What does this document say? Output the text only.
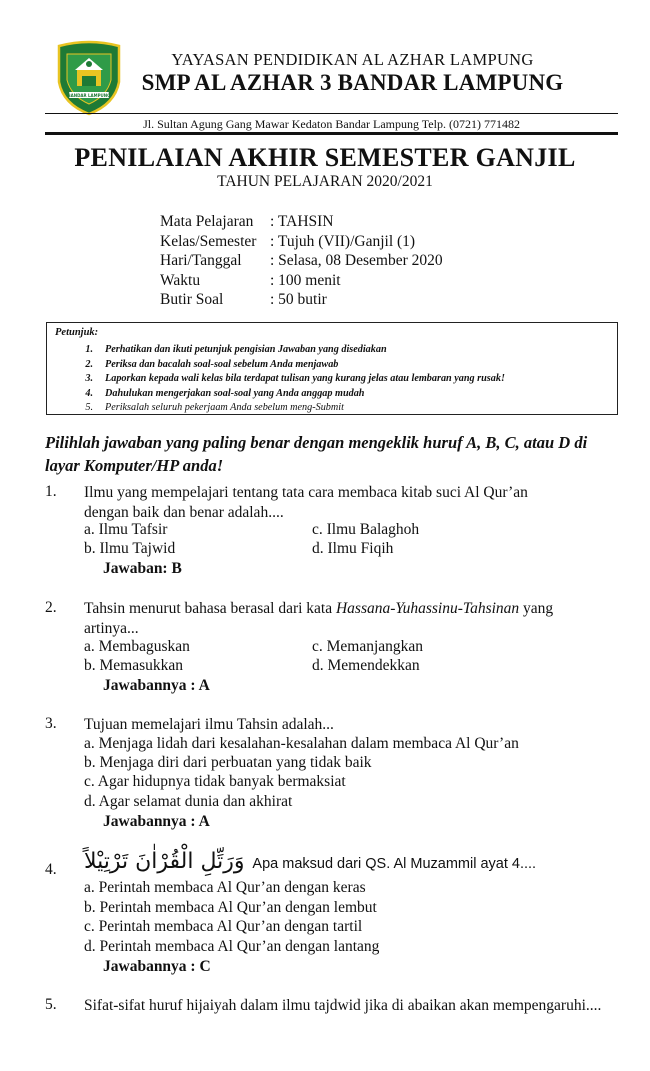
BANDAR LAMPUNG
YAYASAN PENDIDIKAN AL AZHAR LAMPUNG
SMP AL AZHAR 3 BANDAR LAMPUNG
Jl. Sultan Agung Gang Mawar Kedaton Bandar Lampung Telp. (0721) 771482
PENILAIAN AKHIR SEMESTER GANJIL
TAHUN PELAJARAN 2020/2021
Mata Pelajaran	: TAHSIN
Kelas/Semester : Tujuh (VII)/Ganjil (1)
Hari/Tanggal	: Selasa, 08 Desember 2020
Waktu	: 100 menit
Butir Soal	: 50 butir
Petunjuk:
1.	Perhatikan dan ikuti petunjuk pengisian Jawaban yang disediakan
2.	Periksa dan bacalah soal-soal sebelum Anda menjawab
3.	Laporkan kepada wali kelas bila terdapat tulisan yang kurang jelas atau lembaran yang rusak!
4.	Dahulukan mengerjakan soal-soal yang Anda anggap mudah
5.	Periksalah seluruh pekerjaam Anda sebelum meng-Submit
Pilihlah jawaban yang paling benar dengan mengeklik huruf A, B, C, atau D di layar Komputer/HP anda!
1. Ilmu yang mempelajari tentang tata cara membaca kitab suci Al Qur’an
dengan baik dan benar adalah....
a. Ilmu Tafsir	c. Ilmu Balaghoh
b. Ilmu Tajwid	d. Ilmu Fiqih
Jawaban: B
2. Tahsin menurut bahasa berasal dari kata Hassana-Yuhassinu-Tahsinan yang
artinya...
a. Membaguskan	c. Memanjangkan
b. Memasukkan	d. Memendekkan
Jawabannya : A
3. Tujuan memelajari ilmu Tahsin adalah...
a. Menjaga lidah dari kesalahan-kesalahan dalam membaca Al Qur’an
b. Menjaga diri dari perbuatan yang tidak baik
c. Agar hidupnya tidak banyak bermaksiat
d. Agar selamat dunia dan akhirat
Jawabannya : A
4. وَرَتِّلِ الْقُرْاٰنَ تَرْتِيْلاً Apa maksud dari QS. Al Muzammil ayat 4....
a. Perintah membaca Al Qur’an dengan keras
b. Perintah membaca Al Qur’an dengan lembut
c. Perintah membaca Al Qur’an dengan tartil
d. Perintah membaca Al Qur’an dengan lantang
Jawabannya : C
5. Sifat-sifat huruf hijaiyah dalam ilmu tajdwid jika di abaikan akan mempengaruhi....
